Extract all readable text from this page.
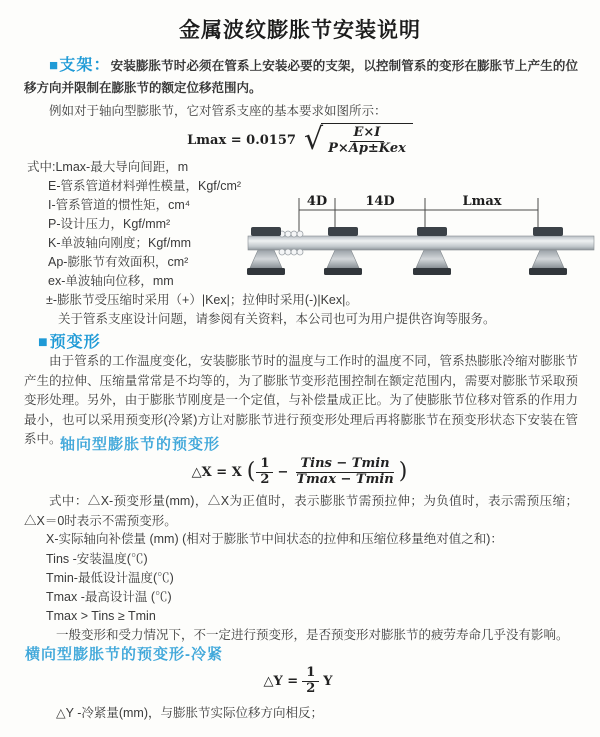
金属波纹膨胀节安装说明
■支架：安装膨胀节时必须在管系上安装必要的支架，以控制管系的变形在膨胀节上产生的位移方向并限制在膨胀节的额定位移范围内。
例如对于轴向型膨胀节，它对管系支座的基本要求如图所示：
Lmax = 0.0157 √ $\frac{E\times I}{\text{P×Ap±Kex}}$
式中:Lmax-最大导向间距，m
E-管系管道材料弹性模量，Kgf/cm²
I-管系管道的惯性矩，cm⁴
P-设计压力，Kgf/mm²
K-单波轴向刚度；Kgf/mm
Ap-膨胀节有效面积，cm²
ex-单波轴向位移，mm
±-膨胀节受压缩时采用（+）|Kex|；拉伸时采用(-)|Kex|。
关于管系支座设计问题，请参阅有关资料，本公司也可为用户提供咨询等服务。
4D	14D	Lmax
■预变形
由于管系的工作温度变化，安装膨胀节时的温度与工作时的温度不同，管系热膨胀冷缩对膨胀节产生的拉伸、压缩量常常是不均等的，为了膨胀节变形范围控制在额定范围内，需要对膨胀节采取预变形处理。另外，由于膨胀节刚度是一个定值，与补偿量成正比。为了使膨胀节位移对管系的作用力最小，也可以采用预变形(冷紧)方让对膨胀节进行预变形处理后再将膨胀节在预变形状态下安装在管系中。
轴向型膨胀节的预变形
△X = X ( $\frac{1}{2} - \frac{\text{Tins − Tmin}}{Tmax - Tmin}$ )
式中：△X-预变形量(mm)，△X为正值时，表示膨胀节需预拉伸；为负值时，表示需预压缩；△X＝0时表示不需预变形。
X-实际轴向补偿量 (mm) (相对于膨胀节中间状态的拉伸和压缩位移量绝对值之和)：
Tins -安装温度(℃)
Tmin-最低设计温度(℃)
Tmax -最高设计温 (℃)
Tmax > Tins ≥ Tmin
一般变形和受力情况下，不一定进行预变形，是否预变形对膨胀节的疲劳寿命几乎没有影响。
横向型膨胀节的预变形-冷紧
△Y = $\frac{1}{2}$ Y
△Y -冷紧量(mm)，与膨胀节实际位移方向相反；
